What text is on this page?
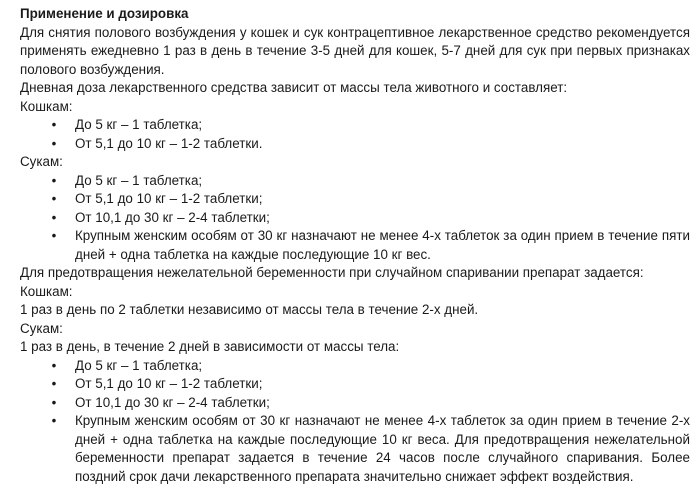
Применение и дозировка

Для снятия полового возбуждения у кошек и сук контрацептивное лекарственное средство рекомендуется применять ежедневно 1 раз в день в течение 3-5 дней для кошек, 5-7 дней для сук при первых признаках полового возбуждения.

Дневная доза лекарственного средства зависит от массы тела животного и составляет:

Кошкам:

• До 5 кг – 1 таблетка;
• От 5,1 до 10 кг – 1-2 таблетки.

Сукам:

• До 5 кг – 1 таблетка;
• От 5,1 до 10 кг – 1-2 таблетки;
• От 10,1 до 30 кг – 2-4 таблетки;
• Крупным женским особям от 30 кг назначают не менее 4-х таблеток за один прием в течение пяти дней + одна таблетка на каждые последующие 10 кг вес.

Для предотвращения нежелательной беременности при случайном спаривании препарат задается:

Кошкам:

1 раз в день по 2 таблетки независимо от массы тела в течение 2-х дней.

Сукам:

1 раз в день, в течение 2 дней в зависимости от массы тела:

• До 5 кг – 1 таблетка;
• От 5,1 до 10 кг – 1-2 таблетки;
• От 10,1 до 30 кг – 2-4 таблетки;
• Крупным женским особям от 30 кг назначают не менее 4-х таблеток за один прием в течение 2-х дней + одна таблетка на каждые последующие 10 кг веса. Для предотвращения нежелательной беременности препарат задается в течение 24 часов после случайного спаривания. Более поздний срок дачи лекарственного препарата значительно снижает эффект воздействия.
